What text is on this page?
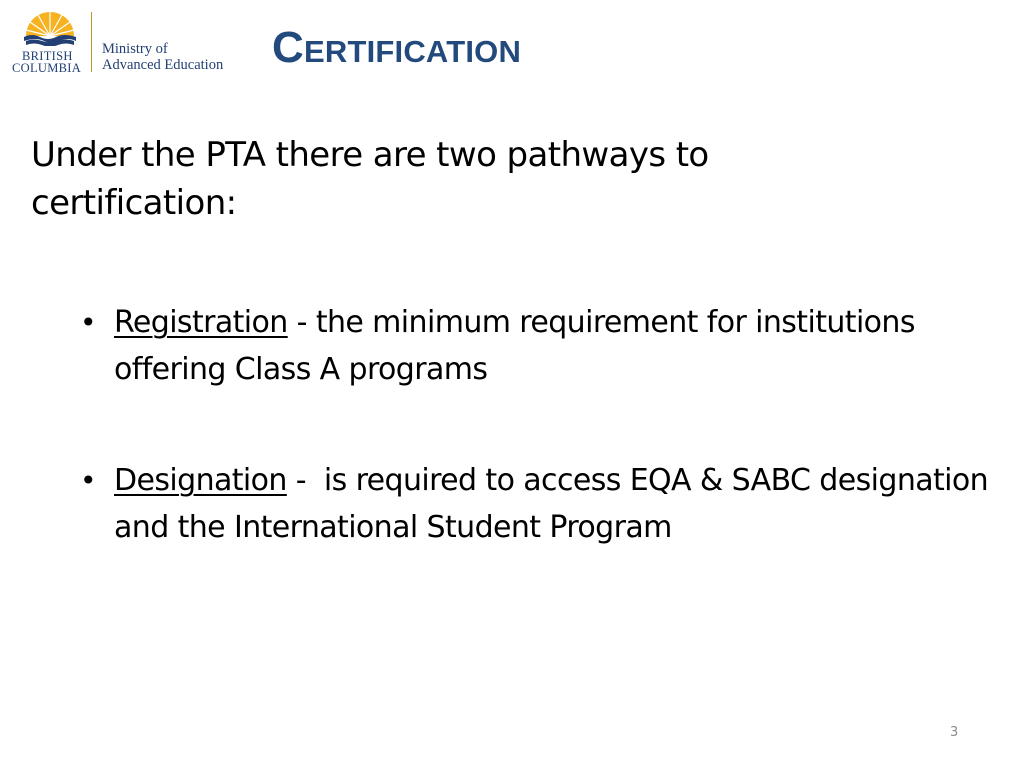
BRITISH
COLUMBIA
Ministry of
Advanced Education Certification

Under the PTA there are two pathways to certification:

• Registration - the minimum requirement for institutions offering Class A programs
• Designation -  is required to access EQA & SABC designation and the International Student Program
3
